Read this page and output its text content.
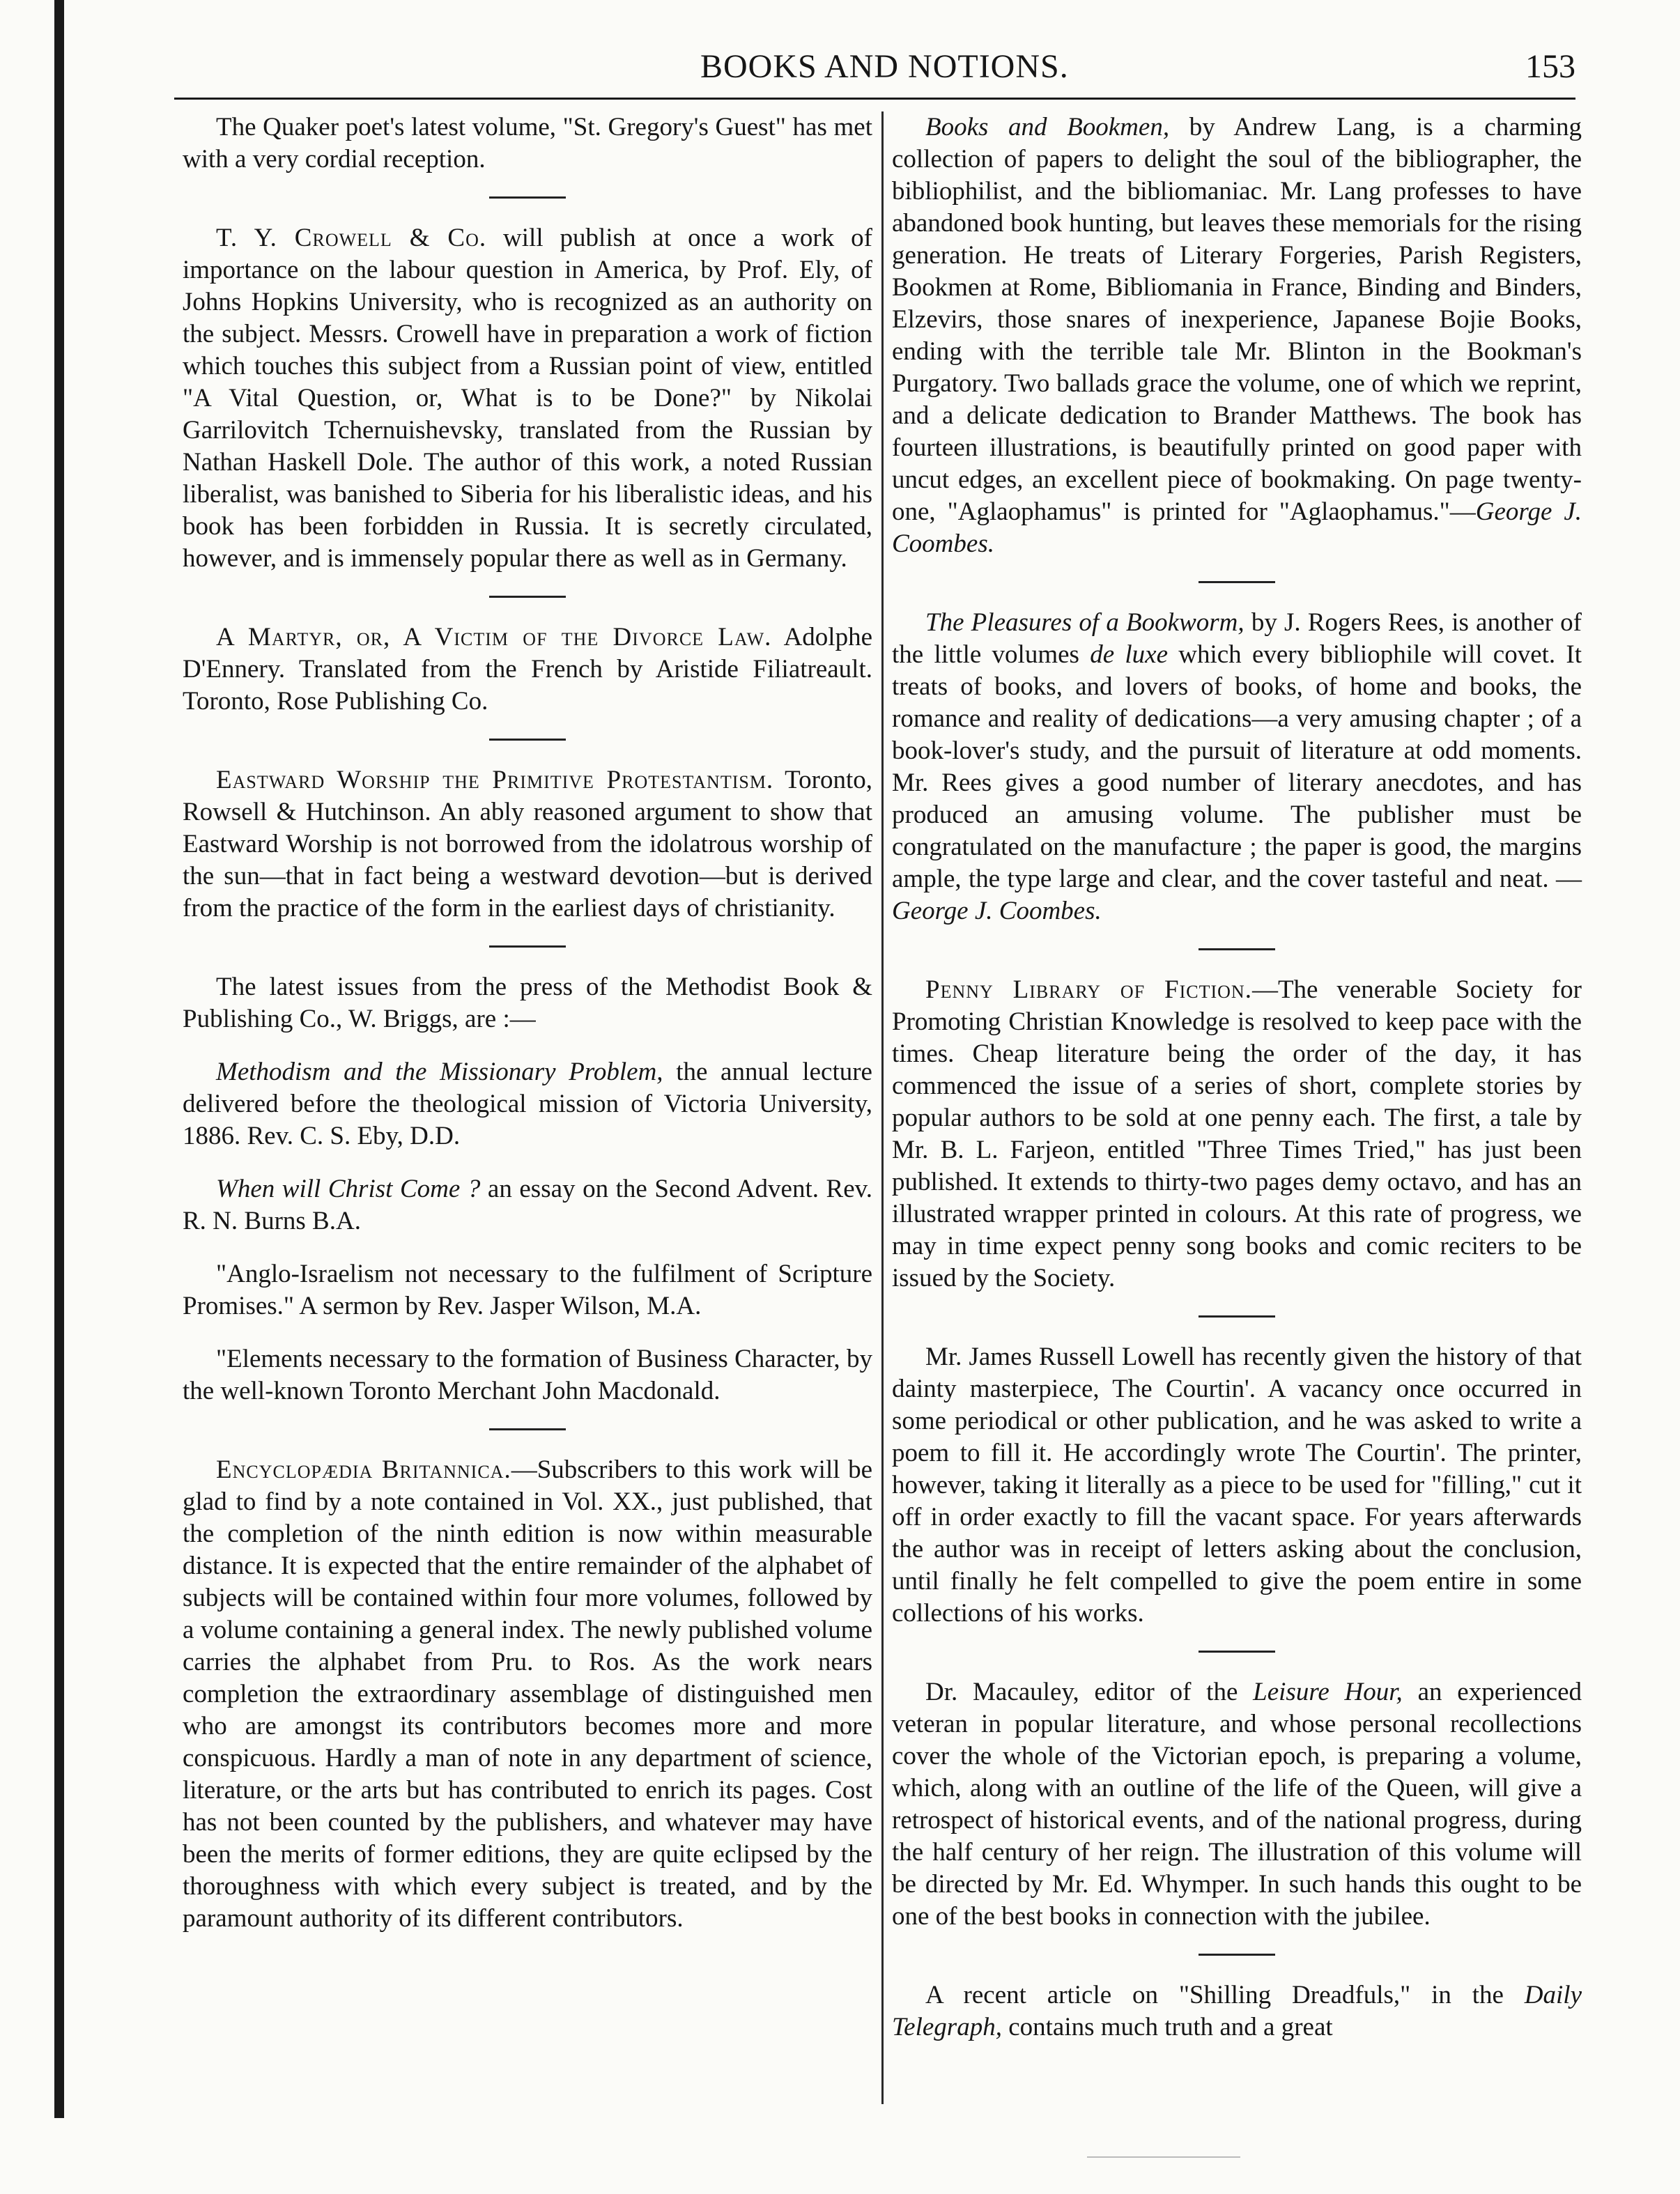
BOOKS AND NOTIONS.	153

The Quaker poet's latest volume, "St. Gregory's Guest" has met with a very cordial reception.

T. Y. Crowell & Co. will publish at once a work of importance on the labour question in America, by Prof. Ely, of Johns Hopkins University, who is recognized as an authority on the subject. Messrs. Crowell have in preparation a work of fiction which touches this subject from a Russian point of view, entitled "A Vital Question, or, What is to be Done?" by Nikolai Garrilovitch Tchernuishevsky, translated from the Russian by Nathan Haskell Dole. The author of this work, a noted Russian liberalist, was banished to Siberia for his liberalistic ideas, and his book has been forbidden in Russia. It is secretly circulated, however, and is immensely popular there as well as in Germany.

A Martyr, or, A Victim of the Divorce Law. Adolphe D'Ennery. Translated from the French by Aristide Filiatreault. Toronto, Rose Publishing Co.

Eastward Worship the Primitive Protestantism. Toronto, Rowsell & Hutchinson. An ably reasoned argument to show that Eastward Worship is not borrowed from the idolatrous worship of the sun—that in fact being a westward devotion—but is derived from the practice of the form in the earliest days of christianity.

The latest issues from the press of the Methodist Book & Publishing Co., W. Briggs, are :—

Methodism and the Missionary Problem, the annual lecture delivered before the theological mission of Victoria University, 1886. Rev. C. S. Eby, D.D.

When will Christ Come ? an essay on the Second Advent. Rev. R. N. Burns B.A.

"Anglo-Israelism not necessary to the fulfilment of Scripture Promises." A sermon by Rev. Jasper Wilson, M.A.

"Elements necessary to the formation of Business Character, by the well-known Toronto Merchant John Macdonald.

Encyclopædia Britannica.—Subscribers to this work will be glad to find by a note contained in Vol. XX., just published, that the completion of the ninth edition is now within measurable distance. It is expected that the entire remainder of the alphabet of subjects will be contained within four more volumes, followed by a volume containing a general index. The newly published volume carries the alphabet from Pru. to Ros. As the work nears completion the extraordinary assemblage of distinguished men who are amongst its contributors becomes more and more conspicuous. Hardly a man of note in any department of science, literature, or the arts but has contributed to enrich its pages. Cost has not been counted by the publishers, and whatever may have been the merits of former editions, they are quite eclipsed by the thoroughness with which every subject is treated, and by the paramount authority of its different contributors.

Books and Bookmen, by Andrew Lang, is a charming collection of papers to delight the soul of the bibliographer, the bibliophilist, and the bibliomaniac. Mr. Lang professes to have abandoned book hunting, but leaves these memorials for the rising generation. He treats of Literary Forgeries, Parish Registers, Bookmen at Rome, Bibliomania in France, Binding and Binders, Elzevirs, those snares of inexperience, Japanese Bojie Books, ending with the terrible tale Mr. Blinton in the Bookman's Purgatory. Two ballads grace the volume, one of which we reprint, and a delicate dedication to Brander Matthews. The book has fourteen illustrations, is beautifully printed on good paper with uncut edges, an excellent piece of bookmaking. On page twenty-one, "Aglaophamus" is printed for "Aglaophamus."—George J. Coombes.

The Pleasures of a Bookworm, by J. Rogers Rees, is another of the little volumes de luxe which every bibliophile will covet. It treats of books, and lovers of books, of home and books, the romance and reality of dedications—a very amusing chapter ; of a book-lover's study, and the pursuit of literature at odd moments. Mr. Rees gives a good number of literary anecdotes, and has produced an amusing volume. The publisher must be congratulated on the manufacture ; the paper is good, the margins ample, the type large and clear, and the cover tasteful and neat. —George J. Coombes.

Penny Library of Fiction.—The venerable Society for Promoting Christian Knowledge is resolved to keep pace with the times. Cheap literature being the order of the day, it has commenced the issue of a series of short, complete stories by popular authors to be sold at one penny each. The first, a tale by Mr. B. L. Farjeon, entitled "Three Times Tried," has just been published. It extends to thirty-two pages demy octavo, and has an illustrated wrapper printed in colours. At this rate of progress, we may in time expect penny song books and comic reciters to be issued by the Society.

Mr. James Russell Lowell has recently given the history of that dainty masterpiece, The Courtin'. A vacancy once occurred in some periodical or other publication, and he was asked to write a poem to fill it. He accordingly wrote The Courtin'. The printer, however, taking it literally as a piece to be used for "filling," cut it off in order exactly to fill the vacant space. For years afterwards the author was in receipt of letters asking about the conclusion, until finally he felt compelled to give the poem entire in some collections of his works.

Dr. Macauley, editor of the Leisure Hour, an experienced veteran in popular literature, and whose personal recollections cover the whole of the Victorian epoch, is preparing a volume, which, along with an outline of the life of the Queen, will give a retrospect of historical events, and of the national progress, during the half century of her reign. The illustration of this volume will be directed by Mr. Ed. Whymper. In such hands this ought to be one of the best books in connection with the jubilee.

A recent article on "Shilling Dreadfuls," in the Daily Telegraph, contains much truth and a great
